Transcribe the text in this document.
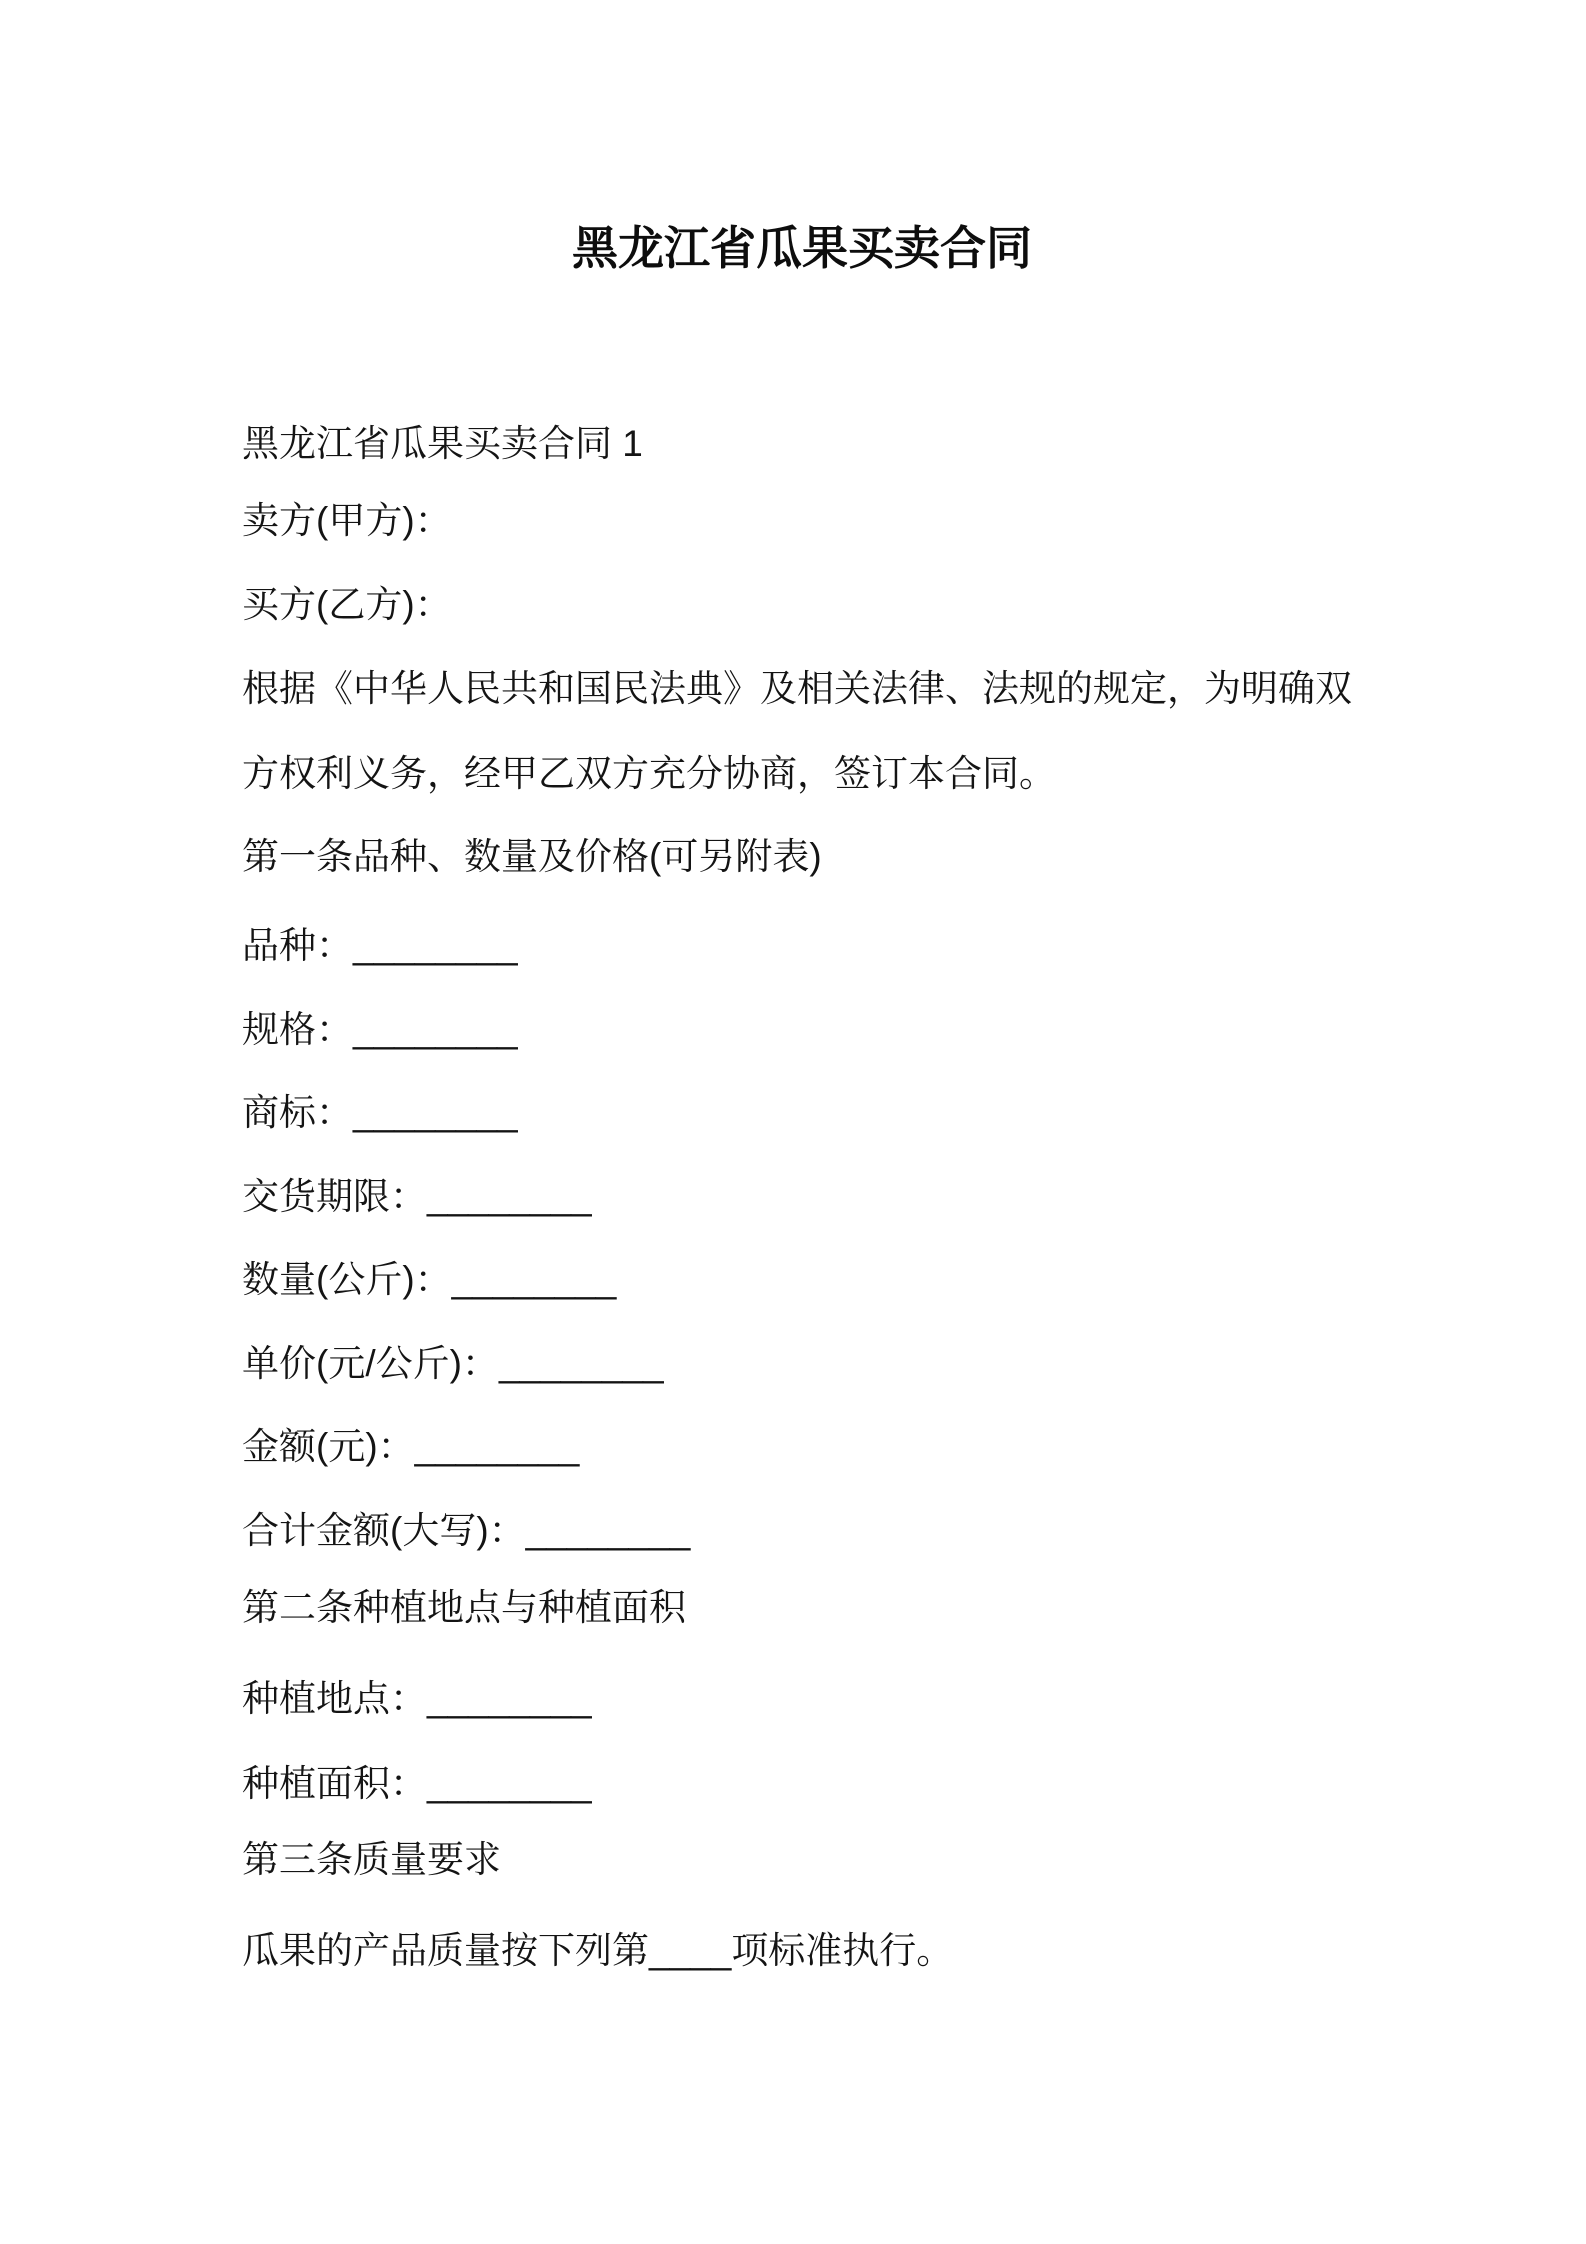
黑龙江省瓜果买卖合同

黑龙江省瓜果买卖合同 1

卖方(甲方)：

买方(乙方)：

根据《中华人民共和国民法典》及相关法律、法规的规定，为明确双方权利义务，经甲乙双方充分协商，签订本合同。

第一条品种、数量及价格(可另附表)

品种：________

规格：________

商标：________

交货期限：________

数量(公斤)：________

单价(元/公斤)：________

金额(元)：________

合计金额(大写)：________

第二条种植地点与种植面积

种植地点：________

种植面积：________

第三条质量要求

瓜果的产品质量按下列第____项标准执行。
